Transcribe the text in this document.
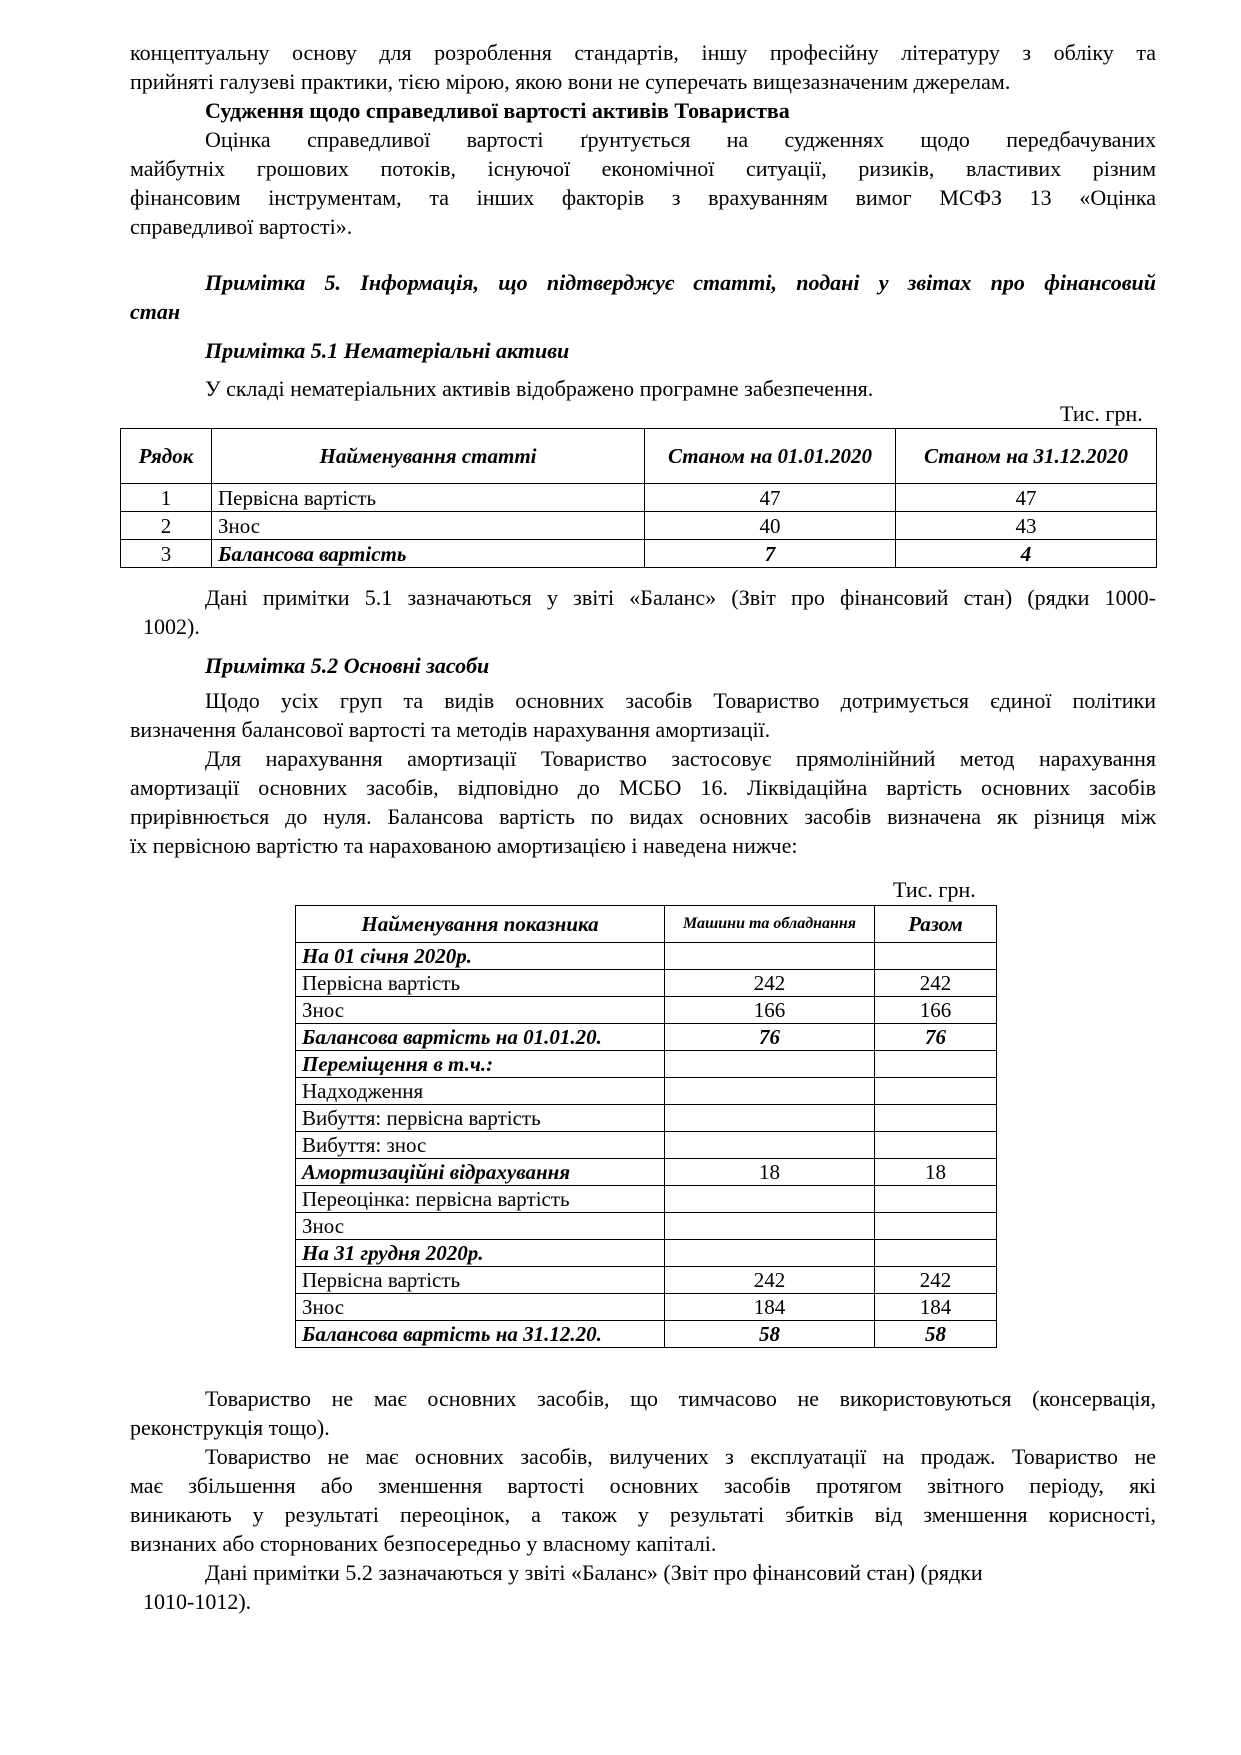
концептуальну основу для розроблення стандартів, іншу професійну літературу з обліку та

прийняті галузеві практики, тією мірою, якою вони не суперечать вищезазначеним джерелам.

Судження щодо справедливої вартості активів Товариства

Оцінка справедливої вартості ґрунтується на судженнях щодо передбачуваних

майбутніх грошових потоків, існуючої економічної ситуації, ризиків, властивих різним

фінансовим інструментам, та інших факторів з врахуванням вимог МСФЗ 13 «Оцінка

справедливої вартості».

Примітка 5. Інформація, що підтверджує статті, подані у звітах про фінансовий

стан

Примітка 5.1 Нематеріальні активи

У складі нематеріальних активів відображено програмне забезпечення.

Тис. грн.
Рядок	Найменування статті	Станом на 01.01.2020	Станом на 31.12.2020
1	Первісна вартість	47	47
2	Знос	40	43
3	Балансова вартість	7	4

Дані примітки 5.1 зазначаються у звіті «Баланс» (Звіт про фінансовий стан) (рядки 1000-

1002).

Примітка 5.2 Основні засоби

Щодо усіх груп та видів основних засобів Товариство дотримується єдиної політики

визначення балансової вартості та методів нарахування амортизації.

Для нарахування амортизації Товариство застосовує прямолінійний метод нарахування

амортизації основних засобів, відповідно до МСБО 16. Ліквідаційна вартість основних засобів

прирівнюється до нуля. Балансова вартість по видах основних засобів визначена як різниця між

їх первісною вартістю та нарахованою амортизацією і наведена нижче:

Тис. грн.
Найменування показника	Машини та обладнання	Разом
На 01 січня 2020р.		
Первісна вартість	242	242
Знос	166	166
Балансова вартість на 01.01.20.	76	76
Переміщення в т.ч.:		
Надходження		
Вибуття: первісна вартість		
Вибуття: знос		
Амортизаційні відрахування	18	18
Переоцінка: первісна вартість		
Знос		
На 31 грудня 2020р.		
Первісна вартість	242	242
Знос	184	184
Балансова вартість на 31.12.20.	58	58

Товариство не має основних засобів, що тимчасово не використовуються (консервація,

реконструкція тощо).

Товариство не має основних засобів, вилучених з експлуатації на продаж. Товариство не

має збільшення або зменшення вартості основних засобів протягом звітного періоду, які

виникають у результаті переоцінок, а також у результаті збитків від зменшення корисності,

визнаних або сторнованих безпосередньо у власному капіталі.

Дані примітки 5.2 зазначаються у звіті «Баланс» (Звіт про фінансовий стан) (рядки

1010-1012).
